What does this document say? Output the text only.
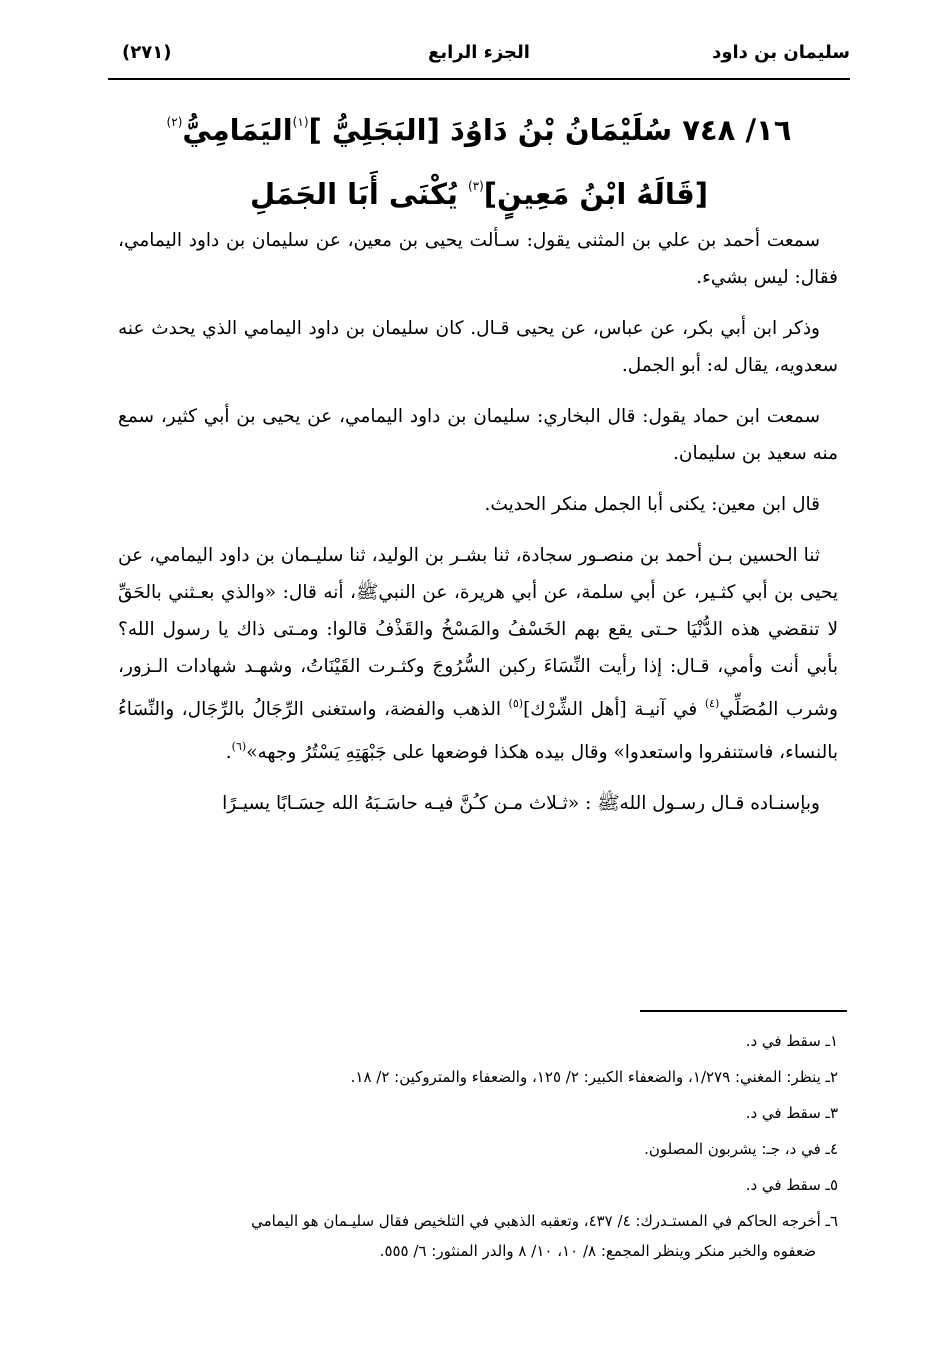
سليمان بن داود
الجزء الرابع
(٢٧١)
١٦/ ٧٤٨ سُلَيْمَانُ بْنُ دَاوُدَ [البَجَلِيُّ ]$^{(١)}$اليَمَامِيُّ$^{(٢)}$
[قَالَهُ ابْنُ مَعِينٍ]$^{(٣)}$ يُكْنَى أَبَا الجَمَلِ

سمعت أحمد بن علي بن المثنى يقول: سـألت يحيى بن معين، عن سليمان بن داود اليمامي، فقال: ليس بشيء.

وذكر ابن أبي بكر، عن عباس، عن يحيى قـال. كان سليمان بن داود اليمامي الذي يحدث عنه سعدويه، يقال له: أبو الجمل.

سمعت ابن حماد يقول: قال البخاري: سليمان بن داود اليمامي، عن يحيى بن أبي كثير، سمع منه سعيد بن سليمان.

قال ابن معين: يكنى أبا الجمل منكر الحديث.

ثنا الحسين بـن أحمد بن منصـور سجادة، ثنا بشـر بن الوليد، ثنا سليـمان بن داود اليمامي، عن يحيى بن أبي كثـير، عن أبي سلمة، عن أبي هريرة، عن النبيﷺ، أنه قال: «والذي بعـثني بالحَقِّ لا تنقضي هذه الدُّنْيَا حـتى يقع بهم الخَسْفُ والمَسْخُ والقَذْفُ قالوا: ومـتى ذاك يا رسول الله؟ بأبي أنت وأمي، قـال: إذا رأيت النِّسَاءَ ركبن السُّرُوجَ وكثـرت القَيْنَاتُ، وشهـد شهادات الـزور، وشرب المُصَلِّي$^{(٤)}$ في آنيـة [أهل الشِّرْك]$^{(٥)}$ الذهب والفضة، واستغنى الرِّجَالُ بالرِّجَال، والنِّسَاءُ بالنساء، فاستنفروا واستعدوا» وقال بيده هكذا فوضعها على جَبْهَتِهِ يَسْتُرُ وجهه»$^{(٦)}$.

وبإسنـاده قـال رسـول اللهﷺ : «ثـلاث مـن كـُنَّ فيـه حاسَـبَهُ الله حِسَـابًا يسيـرًا

١ـ سقط في د.
٢ـ ينظر: المغني: ١/٢٧٩، والضعفاء الكبير: ٢/ ١٢٥، والضعفاء والمتروكين: ٢/ ١٨.
٣ـ سقط في د.
٤ـ في د، جـ: يشربون المصلون.
٥ـ سقط في د.
٦ـ أخرجه الحاكم في المستـدرك: ٤/ ٤٣٧، وتعقبه الذهبي في التلخيص فقال سليـمان هو اليمامي
ضعفوه والخبر منكر وينظر المجمع: ٨/ ١٠، ١٠/ ٨ والدر المنثور: ٦/ ٥٥٥.
